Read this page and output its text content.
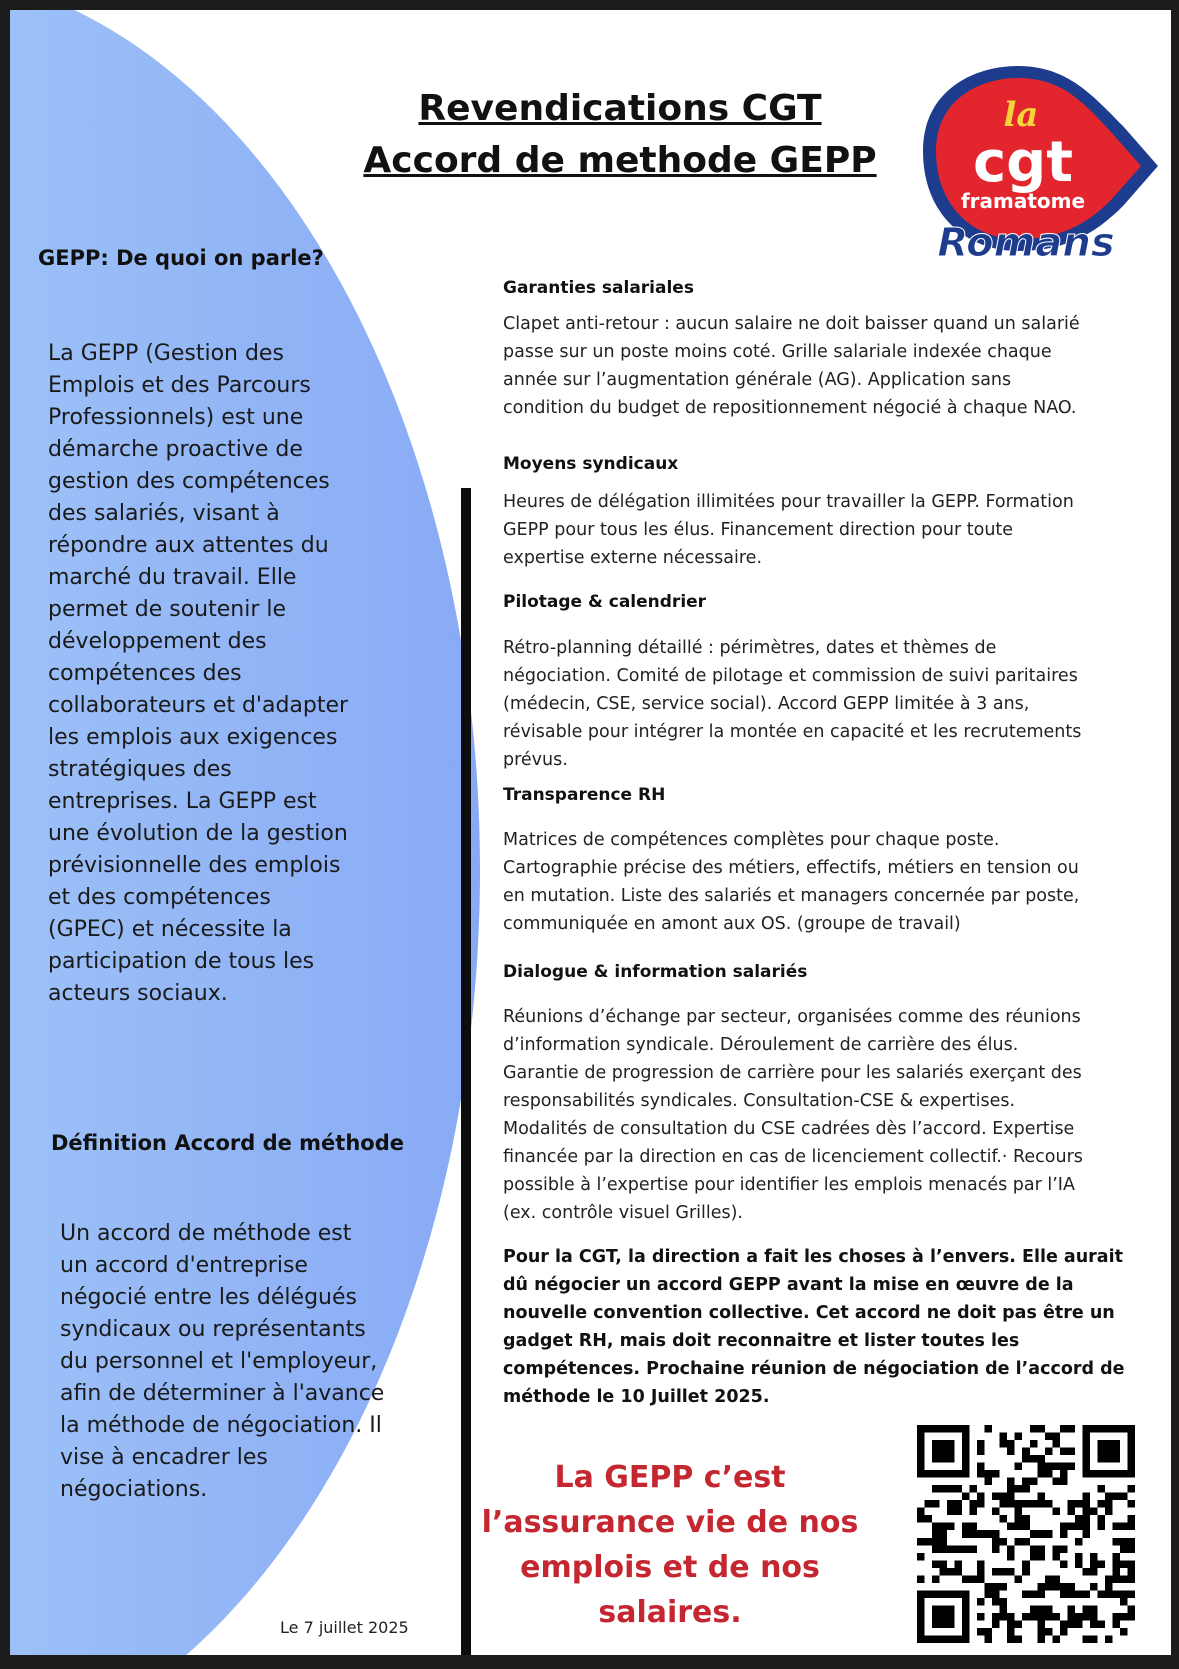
Revendications CGT
Accord de methode GEPP
la
cgt
framatome
Romans
GEPP: De quoi on parle?
La GEPP (Gestion des
Emplois et des Parcours
Professionnels) est une
démarche proactive de
gestion des compétences
des salariés, visant à
répondre aux attentes du
marché du travail. Elle
permet de soutenir le
développement des
compétences des
collaborateurs et d'adapter
les emplois aux exigences
stratégiques des
entreprises. La GEPP est
une évolution de la gestion
prévisionnelle des emplois
et des compétences
(GPEC) et nécessite la
participation de tous les
acteurs sociaux.
Définition Accord de méthode
Un accord de méthode est
un accord d'entreprise
négocié entre les délégués
syndicaux ou représentants
du personnel et l'employeur,
afin de déterminer à l'avance
la méthode de négociation. Il
vise à encadrer les
négociations.
Le 7 juillet 2025
Garanties salariales
Clapet anti-retour : aucun salaire ne doit baisser quand un salarié
passe sur un poste moins coté. Grille salariale indexée chaque
année sur l’augmentation générale (AG). Application sans
condition du budget de repositionnement négocié à chaque NAO.
Moyens syndicaux
Heures de délégation illimitées pour travailler la GEPP. Formation
GEPP pour tous les élus. Financement direction pour toute
expertise externe nécessaire.
Pilotage & calendrier
Rétro-planning détaillé : périmètres, dates et thèmes de
négociation. Comité de pilotage et commission de suivi paritaires
(médecin, CSE, service social). Accord GEPP limitée à 3 ans,
révisable pour intégrer la montée en capacité et les recrutements
prévus.
Transparence RH
Matrices de compétences complètes pour chaque poste.
Cartographie précise des métiers, effectifs, métiers en tension ou
en mutation. Liste des salariés et managers concernée par poste,
communiquée en amont aux OS. (groupe de travail)
Dialogue & information salariés
Réunions d’échange par secteur, organisées comme des réunions
d’information syndicale. Déroulement de carrière des élus.
Garantie de progression de carrière pour les salariés exerçant des
responsabilités syndicales. Consultation-CSE & expertises.
Modalités de consultation du CSE cadrées dès l’accord. Expertise
financée par la direction en cas de licenciement collectif.· Recours
possible à l’expertise pour identifier les emplois menacés par l’IA
(ex. contrôle visuel Grilles).
Pour la CGT, la direction a fait les choses à l’envers. Elle aurait
dû négocier un accord GEPP avant la mise en œuvre de la
nouvelle convention collective. Cet accord ne doit pas être un
gadget RH, mais doit reconnaitre et lister toutes les
compétences. Prochaine réunion de négociation de l’accord de
méthode le 10 Juillet 2025.
La GEPP c’est
l’assurance vie de nos
emplois et de nos
salaires.
